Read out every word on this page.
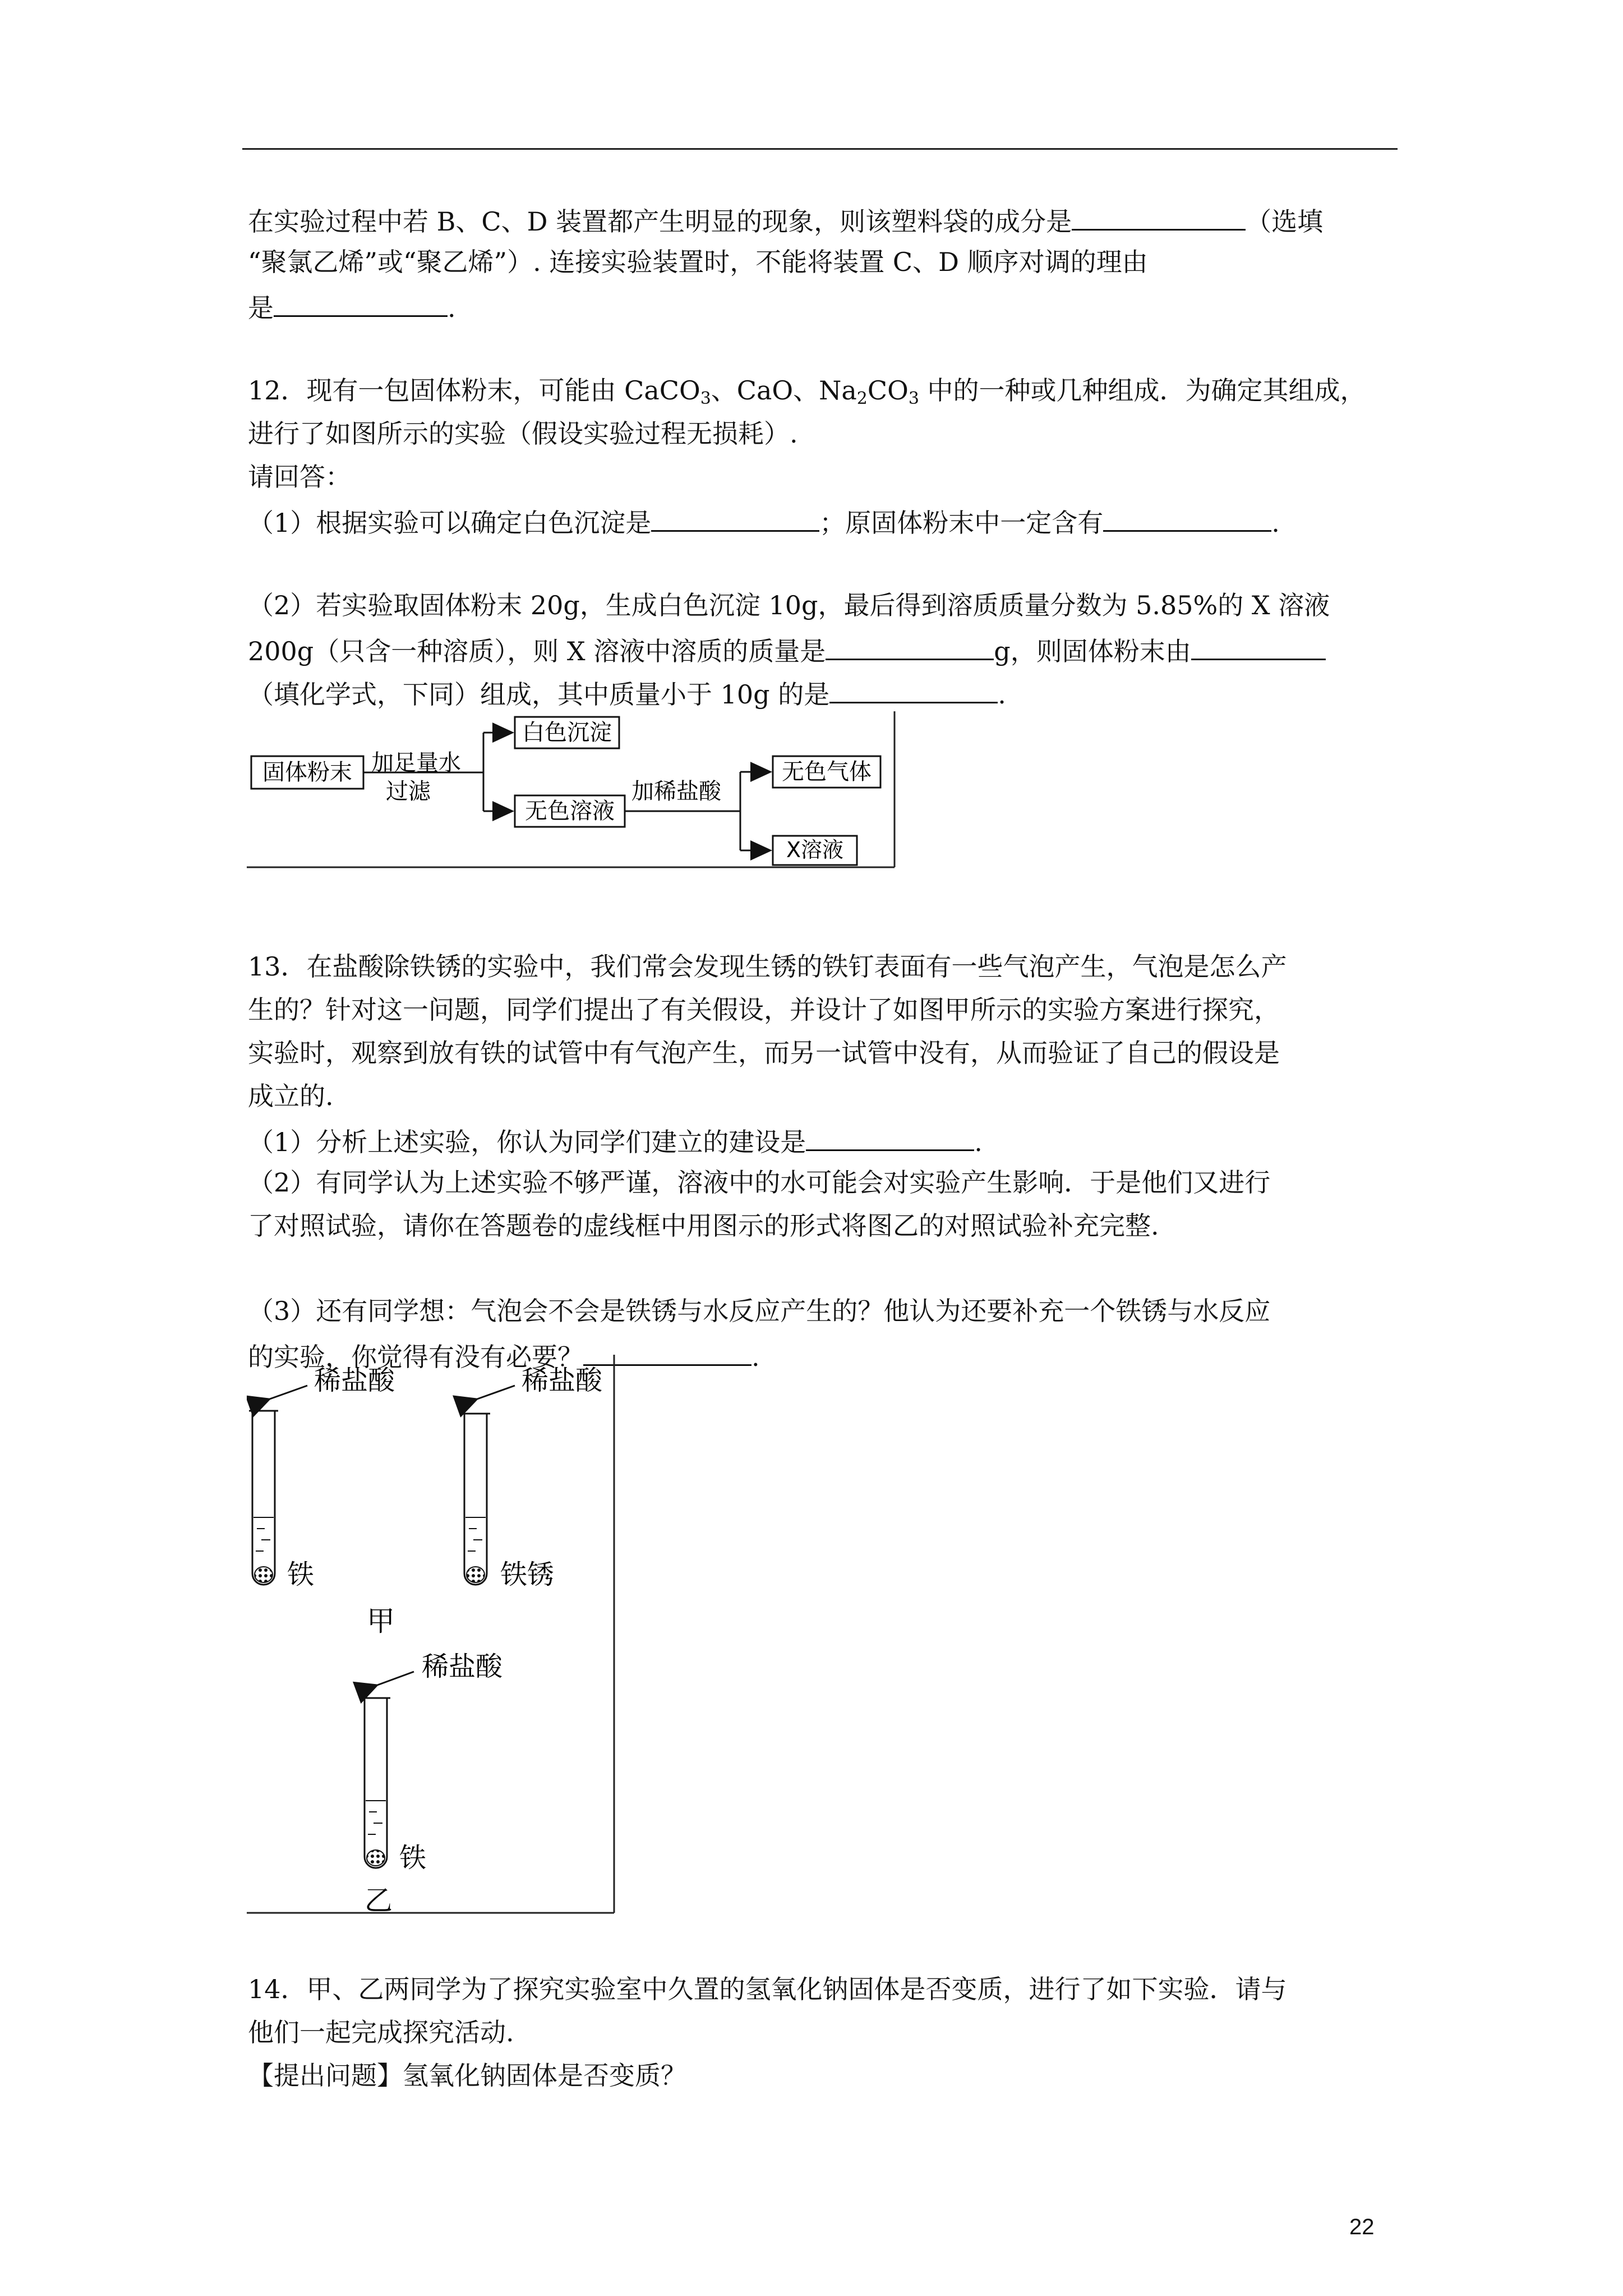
在实验过程中若 B、C、D 装置都产生明显的现象，则该塑料袋的成分是	（选填
“聚氯乙烯”或“聚乙烯”）. 连接实验装置时，不能将装置 C、D 顺序对调的理由
是	.
12．现有一包固体粉末，可能由 CaCO$_3$、CaO、$Na_2CO_3$ 中的一种或几种组成．为确定其组成，
进行了如图所示的实验（假设实验过程无损耗）.
请回答：
（1）根据实验可以确定白色沉淀是	；原固体粉末中一定含有	.
（2）若实验取固体粉末 20g，生成白色沉淀 10g，最后得到溶质质量分数为 5.85%的 X 溶液
200g（只含一种溶质），则 X 溶液中溶质的质量是	g，则固体粉末由
（填化学式，下同）组成，其中质量小于 10g 的是	.
13．在盐酸除铁锈的实验中，我们常会发现生锈的铁钉表面有一些气泡产生，气泡是怎么产
生的？针对这一问题，同学们提出了有关假设，并设计了如图甲所示的实验方案进行探究，
实验时，观察到放有铁的试管中有气泡产生，而另一试管中没有，从而验证了自己的假设是
成立的.
（1）分析上述实验，你认为同学们建立的建设是	.
（2）有同学认为上述实验不够严谨，溶液中的水可能会对实验产生影响．于是他们又进行
了对照试验，请你在答题卷的虚线框中用图示的形式将图乙的对照试验补充完整.
（3）还有同学想：气泡会不会是铁锈与水反应产生的？他认为还要补充一个铁锈与水反应
的实验，你觉得有没有必要？	.
14．甲、乙两同学为了探究实验室中久置的氢氧化钠固体是否变质，进行了如下实验．请与
他们一起完成探究活动.
【提出问题】氢氧化钠固体是否变质？
固体粉末 加足量水
过滤
白色沉淀
无色溶液
加稀盐酸
无色气体
X溶液
稀盐酸
铁
稀盐酸
铁锈
甲
稀盐酸
铁
乙
22
